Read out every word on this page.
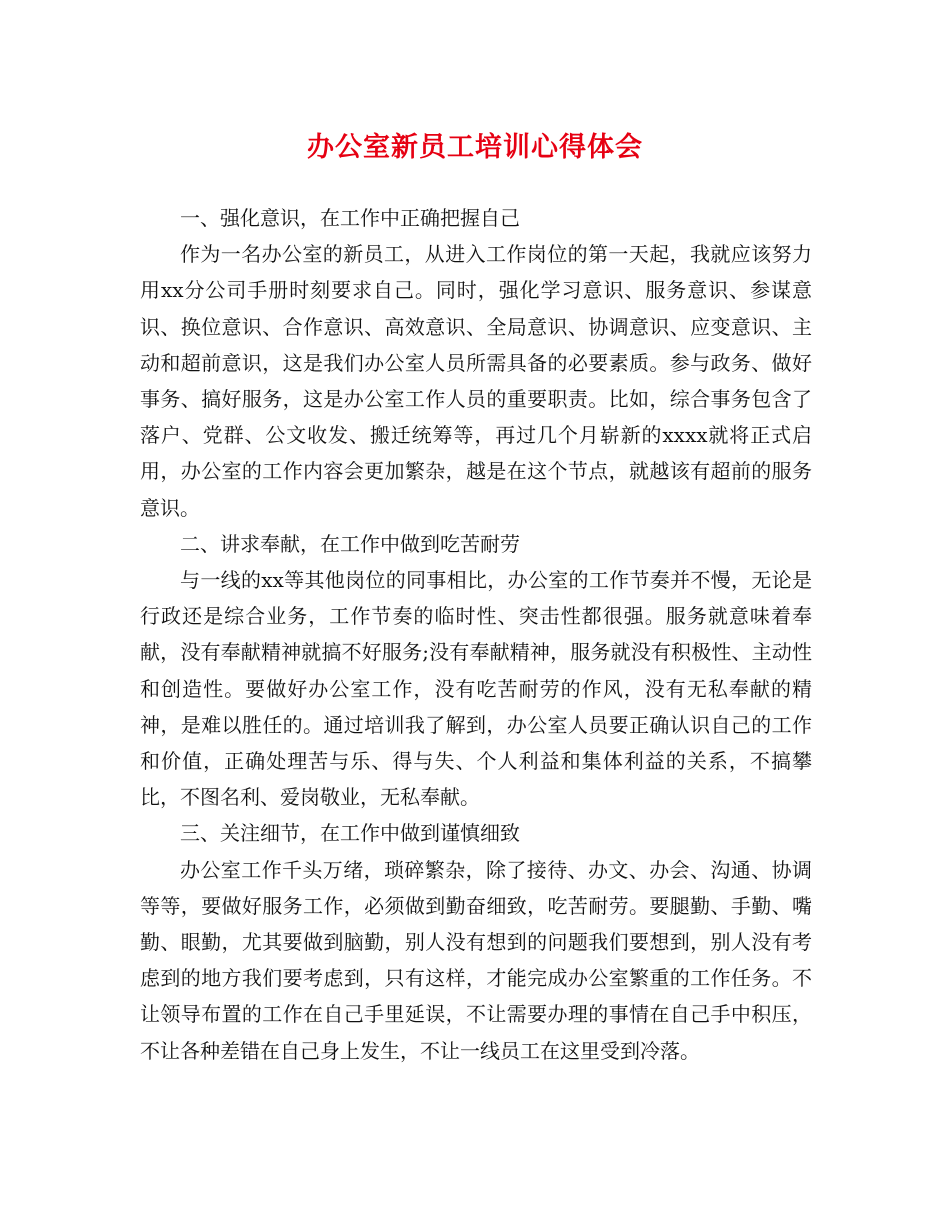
办公室新员工培训心得体会

一、强化意识，在工作中正确把握自己

作为一名办公室的新员工，从进入工作岗位的第一天起，我就应该努力用xx分公司手册时刻要求自己。同时，强化学习意识、服务意识、参谋意识、换位意识、合作意识、高效意识、全局意识、协调意识、应变意识、主动和超前意识，这是我们办公室人员所需具备的必要素质。参与政务、做好事务、搞好服务，这是办公室工作人员的重要职责。比如，综合事务包含了落户、党群、公文收发、搬迁统筹等，再过几个月崭新的xxxx就将正式启用，办公室的工作内容会更加繁杂，越是在这个节点，就越该有超前的服务意识。

二、讲求奉献，在工作中做到吃苦耐劳

与一线的xx等其他岗位的同事相比，办公室的工作节奏并不慢，无论是行政还是综合业务，工作节奏的临时性、突击性都很强。服务就意味着奉献，没有奉献精神就搞不好服务;没有奉献精神，服务就没有积极性、主动性和创造性。要做好办公室工作，没有吃苦耐劳的作风，没有无私奉献的精神，是难以胜任的。通过培训我了解到，办公室人员要正确认识自己的工作和价值，正确处理苦与乐、得与失、个人利益和集体利益的关系，不搞攀比，不图名利、爱岗敬业，无私奉献。

三、关注细节，在工作中做到谨慎细致

办公室工作千头万绪，琐碎繁杂，除了接待、办文、办会、沟通、协调等等，要做好服务工作，必须做到勤奋细致，吃苦耐劳。要腿勤、手勤、嘴勤、眼勤，尤其要做到脑勤，别人没有想到的问题我们要想到，别人没有考虑到的地方我们要考虑到，只有这样，才能完成办公室繁重的工作任务。不让领导布置的工作在自己手里延误，不让需要办理的事情在自己手中积压，不让各种差错在自己身上发生，不让一线员工在这里受到冷落。
